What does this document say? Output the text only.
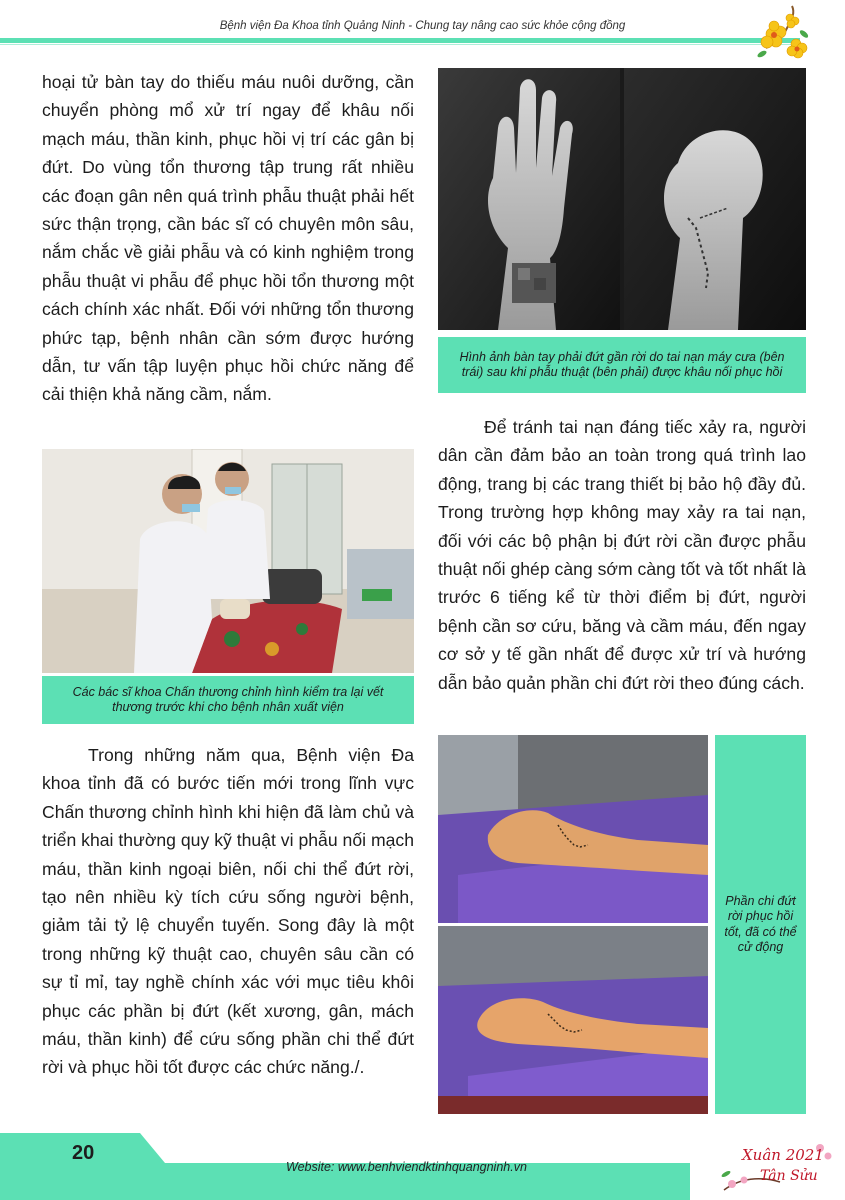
Bệnh viện Đa Khoa tỉnh Quảng Ninh - Chung tay nâng cao sức khỏe cộng đồng
hoại tử bàn tay do thiếu máu nuôi dưỡng, cần chuyển phòng mổ xử trí ngay để khâu nối mạch máu, thần kinh, phục hồi vị trí các gân bị đứt. Do vùng tổn thương tập trung rất nhiều các đoạn gân nên quá trình phẫu thuật phải hết sức thận trọng, cần bác sĩ có chuyên môn sâu, nắm chắc về giải phẫu và có kinh nghiệm trong phẫu thuật vi phẫu để phục hồi tổn thương một cách chính xác nhất. Đối với những tổn thương phức tạp, bệnh nhân cần sớm được hướng dẫn, tư vấn tập luyện phục hồi chức năng để cải thiện khả năng cầm, nắm.
Hình ảnh bàn tay phải đứt gần rời do tai nạn máy cưa (bên trái) sau khi phẫu thuật (bên phải) được khâu nối phục hồi
Các bác sĩ khoa Chấn thương chỉnh hình kiểm tra lại vết thương trước khi cho bệnh nhân xuất viện
Để tránh tai nạn đáng tiếc xảy ra, người dân cần đảm bảo an toàn trong quá trình lao động, trang bị các trang thiết bị bảo hộ đầy đủ. Trong trường hợp không may xảy ra tai nạn, đối với các bộ phận bị đứt rời cần được phẫu thuật nối ghép càng sớm càng tốt và tốt nhất là trước 6 tiếng kể từ thời điểm bị đứt, người bệnh cần sơ cứu, băng và cầm máu, đến ngay cơ sở y tế gần nhất để được xử trí và hướng dẫn bảo quản phần chi đứt rời theo đúng cách.
Trong những năm qua, Bệnh viện Đa khoa tỉnh đã có bước tiến mới trong lĩnh vực Chấn thương chỉnh hình khi hiện đã làm chủ và triển khai thường quy kỹ thuật vi phẫu nối mạch máu, thần kinh ngoại biên, nối chi thể đứt rời, tạo nên nhiều kỳ tích cứu sống người bệnh, giảm tải tỷ lệ chuyển tuyến. Song đây là một trong những kỹ thuật cao, chuyên sâu cần có sự tỉ mỉ, tay nghề chính xác với mục tiêu khôi phục các phần bị đứt (kết xương, gân, mách máu, thần kinh) để cứu sống phần chi thể đứt rời và phục hồi tốt được các chức năng./.
Phần chi đứt rời phục hồi tốt, đã có thể cử động
20
Website: www.benhviendktinhquangninh.vn
Xuân 2021
Tân Sửu
